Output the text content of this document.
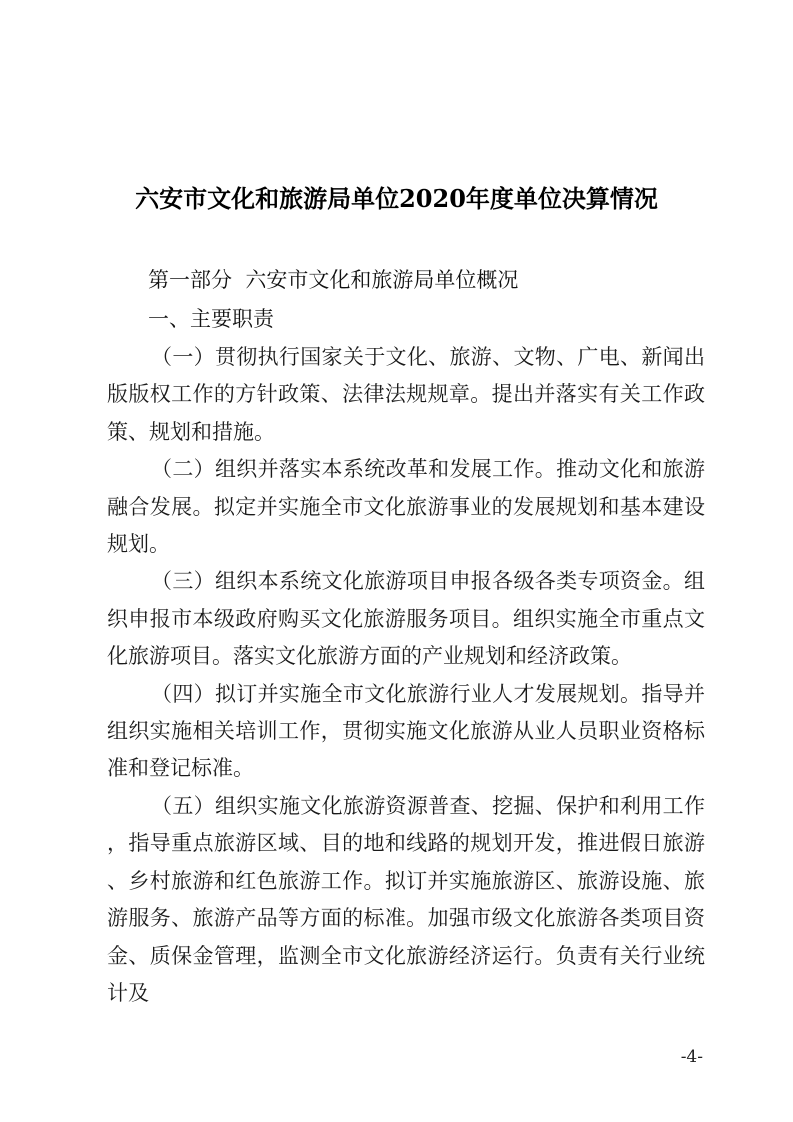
六安市文化和旅游局单位2020年度单位决算情况
第一部分  六安市文化和旅游局单位概况
一、主要职责

（一）贯彻执行国家关于文化、旅游、文物、广电、新闻出版版权工作的方针政策、法律法规规章。提出并落实有关工作政策、规划和措施。

（二）组织并落实本系统改革和发展工作。推动文化和旅游融合发展。拟定并实施全市文化旅游事业的发展规划和基本建设规划。

（三）组织本系统文化旅游项目申报各级各类专项资金。组织申报市本级政府购买文化旅游服务项目。组织实施全市重点文化旅游项目。落实文化旅游方面的产业规划和经济政策。

（四）拟订并实施全市文化旅游行业人才发展规划。指导并组织实施相关培训工作，贯彻实施文化旅游从业人员职业资格标准和登记标准。

（五）组织实施文化旅游资源普查、挖掘、保护和利用工作，指导重点旅游区域、目的地和线路的规划开发，推进假日旅游、乡村旅游和红色旅游工作。拟订并实施旅游区、旅游设施、旅游服务、旅游产品等方面的标准。加强市级文化旅游各类项目资金、质保金管理，监测全市文化旅游经济运行。负责有关行业统计及

-4-
